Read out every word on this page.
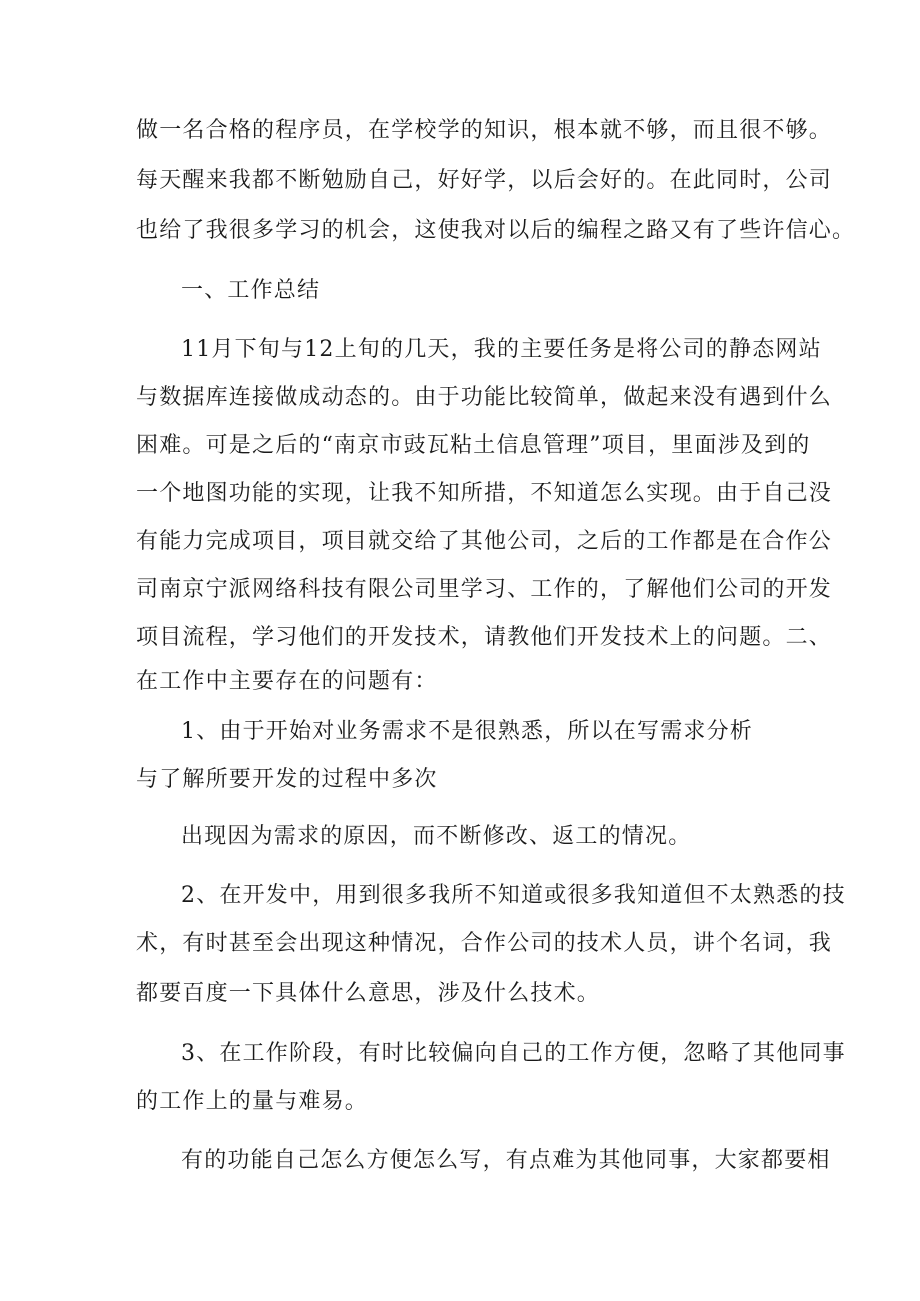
做一名合格的程序员，在学校学的知识，根本就不够，而且很不够。
每天醒来我都不断勉励自己，好好学，以后会好的。在此同时，公司
也给了我很多学习的机会，这使我对以后的编程之路又有了些许信心。
一、工作总结
11月下旬与12上旬的几天，我的主要任务是将公司的静态网站
与数据库连接做成动态的。由于功能比较简单，做起来没有遇到什么
困难。可是之后的“南京市豉瓦粘土信息管理”项目，里面涉及到的
一个地图功能的实现，让我不知所措，不知道怎么实现。由于自己没
有能力完成项目，项目就交给了其他公司，之后的工作都是在合作公
司南京宁派网络科技有限公司里学习、工作的，了解他们公司的开发
项目流程，学习他们的开发技术，请教他们开发技术上的问题。二、
在工作中主要存在的问题有：
1、由于开始对业务需求不是很熟悉，所以在写需求分析
与了解所要开发的过程中多次
出现因为需求的原因，而不断修改、返工的情况。
2、在开发中，用到很多我所不知道或很多我知道但不太熟悉的技
术，有时甚至会出现这种情况，合作公司的技术人员，讲个名词，我
都要百度一下具体什么意思，涉及什么技术。
3、在工作阶段，有时比较偏向自己的工作方便，忽略了其他同事
的工作上的量与难易。
有的功能自己怎么方便怎么写，有点难为其他同事，大家都要相
